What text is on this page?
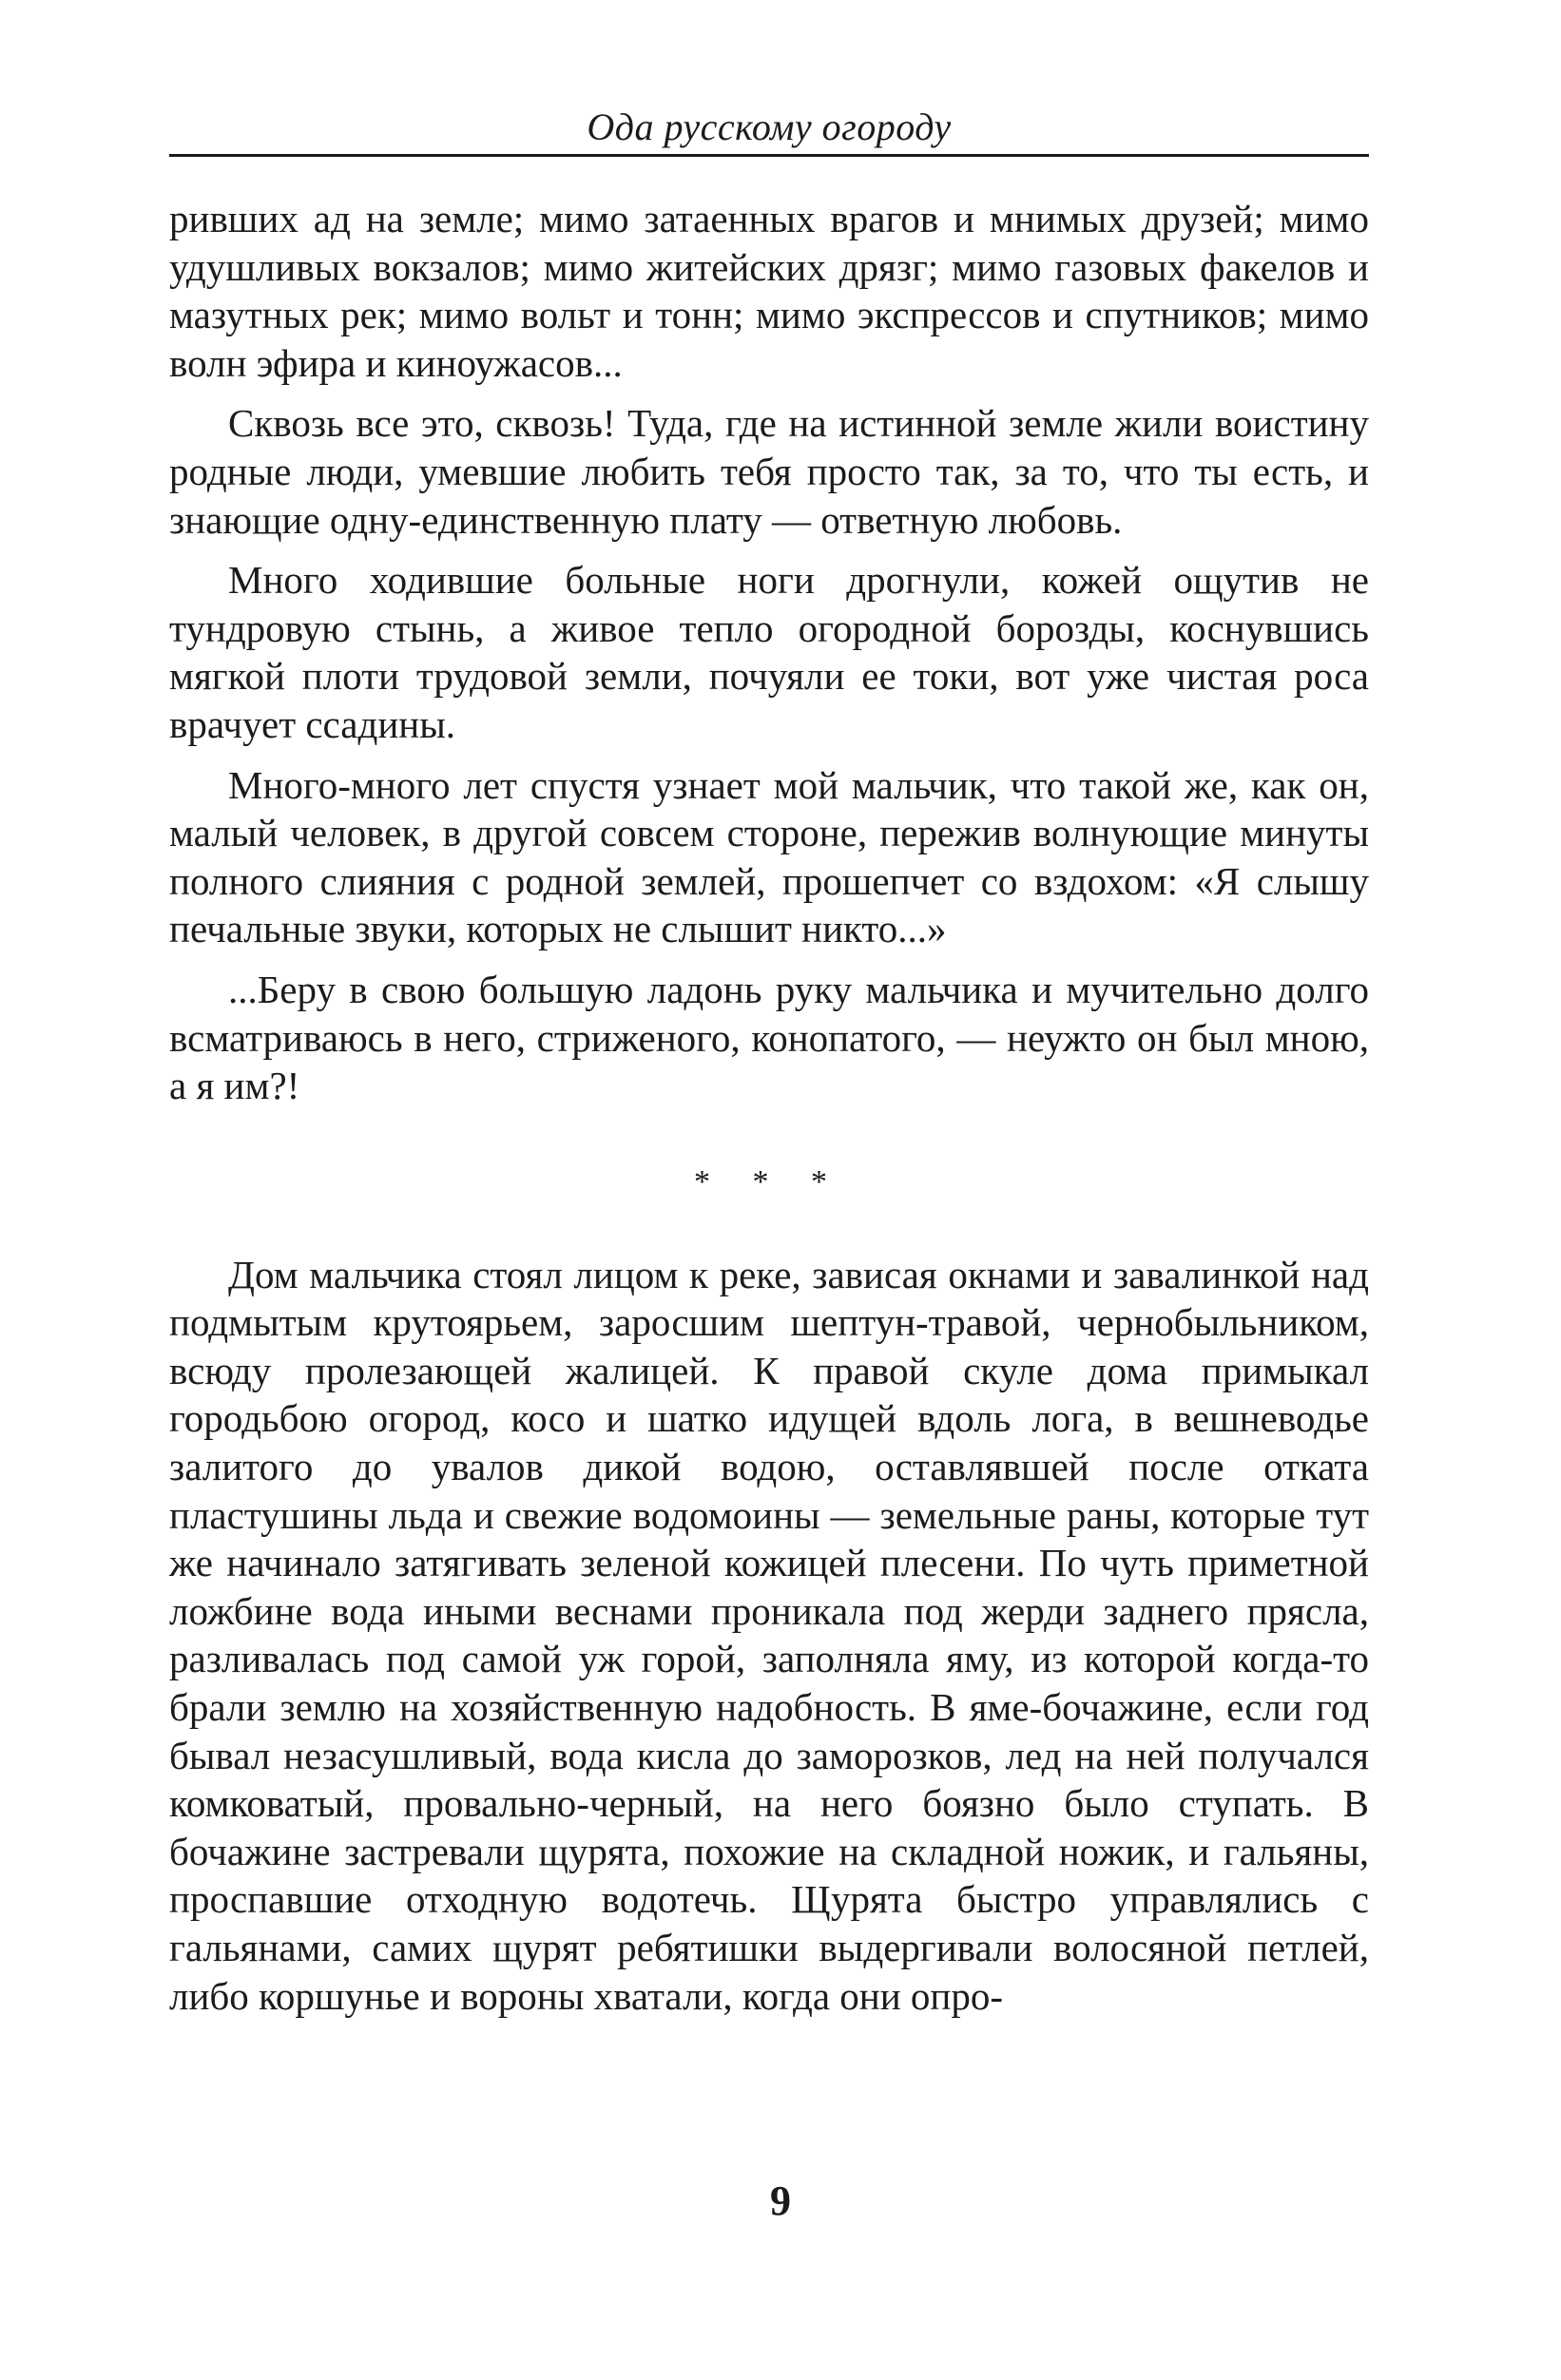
Ода русскому огороду

ривших ад на земле; мимо затаенных врагов и мнимых друзей; мимо удушливых вокзалов; мимо житейских дрязг; мимо газовых факелов и мазутных рек; мимо вольт и тонн; мимо экспрессов и спутников; мимо волн эфира и киноужасов...

Сквозь все это, сквозь! Туда, где на истинной земле жили воистину родные люди, умевшие любить тебя просто так, за то, что ты есть, и знающие одну-единственную плату — ответную любовь.

Много ходившие больные ноги дрогнули, кожей ощутив не тундровую стынь, а живое тепло огородной борозды, коснувшись мягкой плоти трудовой земли, почуяли ее токи, вот уже чистая роса врачует ссадины.

Много-много лет спустя узнает мой мальчик, что такой же, как он, малый человек, в другой совсем стороне, пережив волнующие минуты полного слияния с родной землей, прошепчет со вздохом: «Я слышу печальные звуки, которых не слышит никто...»

...Беру в свою большую ладонь руку мальчика и мучительно долго всматриваюсь в него, стриженого, конопатого, — неужто он был мною, а я им?!

* * *

Дом мальчика стоял лицом к реке, зависая окнами и завалинкой над подмытым крутоярьем, заросшим шептун-травой, чернобыльником, всюду пролезающей жалицей. К правой скуле дома примыкал городьбою огород, косо и шатко идущей вдоль лога, в вешневодье залитого до увалов дикой водою, оставлявшей после отката пластушины льда и свежие водомоины — земельные раны, которые тут же начинало затягивать зеленой кожицей плесени. По чуть приметной ложбине вода иными веснами проникала под жерди заднего прясла, разливалась под самой уж горой, заполняла яму, из которой когда-то брали землю на хозяйственную надобность. В яме-бочажине, если год бывал незасушливый, вода кисла до заморозков, лед на ней получался комковатый, провально-черный, на него боязно было ступать. В бочажине застревали щурята, похожие на складной ножик, и гальяны, проспавшие отходную водотечь. Щурята быстро управлялись с гальянами, самих щурят ребятишки выдергивали волосяной петлей, либо коршунье и вороны хватали, когда они опро-

9
